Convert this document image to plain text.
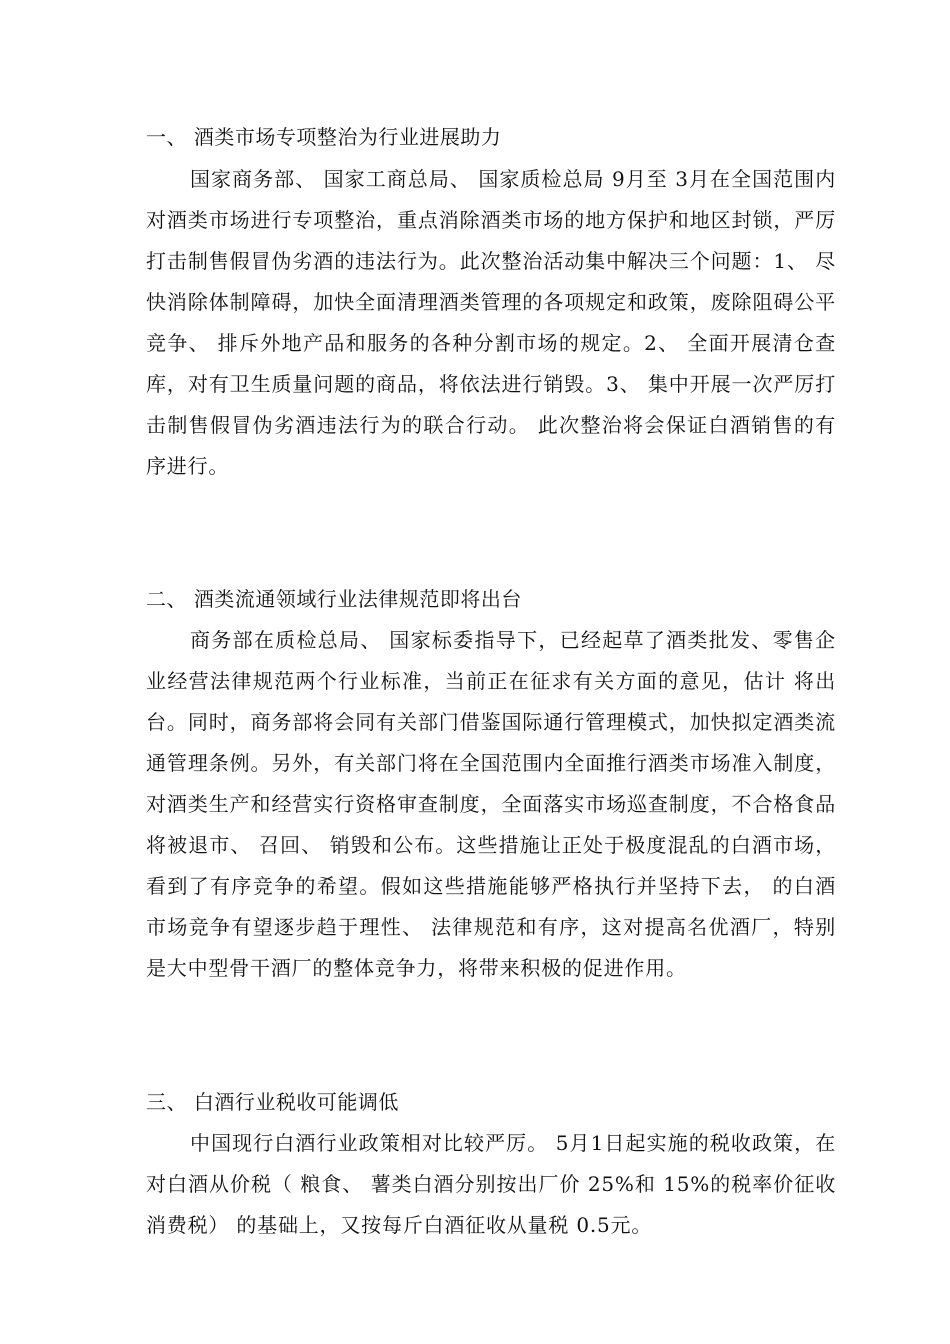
一、 酒类市场专项整治为行业进展助力
国家商务部、 国家工商总局、 国家质检总局 9月至 3月在全国范围内对酒类市场进行专项整治，重点消除酒类市场的地方保护和地区封锁，严厉打击制售假冒伪劣酒的违法行为。此次整治活动集中解决三个问题：1、 尽快消除体制障碍，加快全面清理酒类管理的各项规定和政策，废除阻碍公平竞争、 排斥外地产品和服务的各种分割市场的规定。2、 全面开展清仓查库，对有卫生质量问题的商品，将依法进行销毁。3、 集中开展一次严厉打击制售假冒伪劣酒违法行为的联合行动。 此次整治将会保证白酒销售的有序进行。
二、 酒类流通领域行业法律规范即将出台
商务部在质检总局、 国家标委指导下，已经起草了酒类批发、零售企业经营法律规范两个行业标准，当前正在征求有关方面的意见，估计 将出台。同时，商务部将会同有关部门借鉴国际通行管理模式，加快拟定酒类流通管理条例。另外，有关部门将在全国范围内全面推行酒类市场准入制度，对酒类生产和经营实行资格审查制度，全面落实市场巡查制度，不合格食品将被退市、 召回、 销毁和公布。这些措施让正处于极度混乱的白酒市场，看到了有序竞争的希望。假如这些措施能够严格执行并坚持下去， 的白酒市场竞争有望逐步趋于理性、 法律规范和有序，这对提高名优酒厂，特别是大中型骨干酒厂的整体竞争力，将带来积极的促进作用。
三、 白酒行业税收可能调低
中国现行白酒行业政策相对比较严厉。 5月1日起实施的税收政策，在对白酒从价税（ 粮食、 薯类白酒分别按出厂价 25%和 15%的税率价征收消费税） 的基础上，又按每斤白酒征收从量税 0.5元。
